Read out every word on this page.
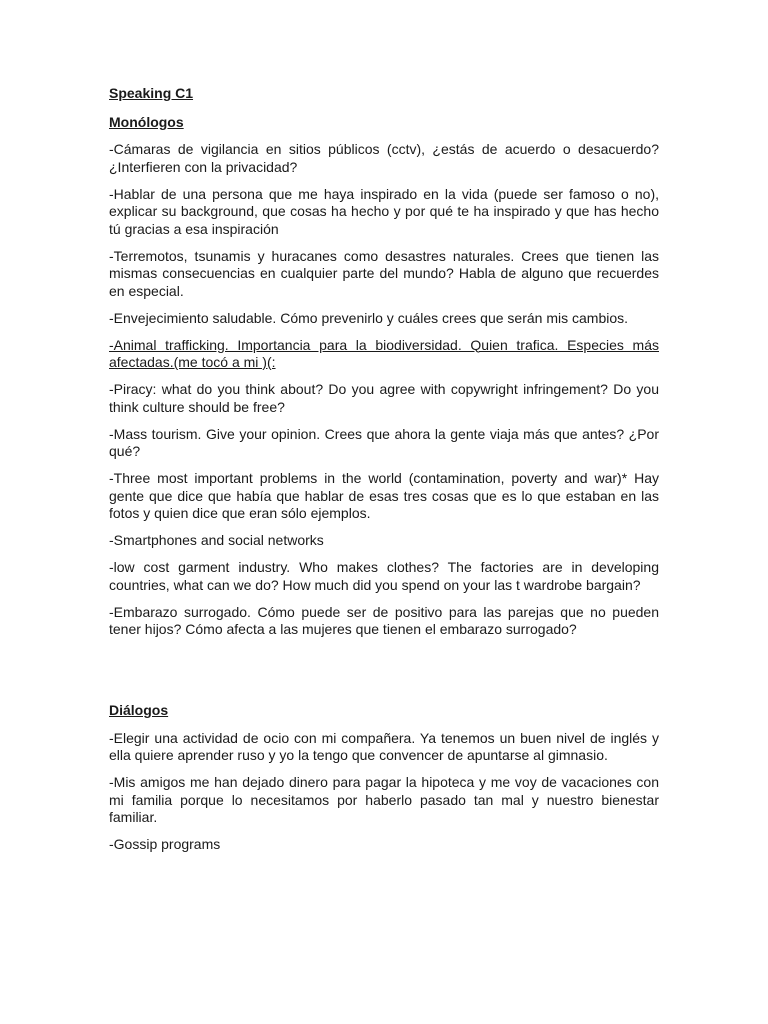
Speaking C1
Monólogos
-Cámaras de vigilancia en sitios públicos (cctv), ¿estás de acuerdo o desacuerdo? ¿Interfieren con la privacidad?
-Hablar de una persona que me haya inspirado en la vida (puede ser famoso o no), explicar su background, que cosas ha hecho y por qué te ha inspirado y que has hecho tú gracias a esa inspiración
-Terremotos, tsunamis y huracanes como desastres naturales. Crees que tienen las mismas consecuencias en cualquier parte del mundo? Habla de alguno que recuerdes en especial.
-Envejecimiento saludable. Cómo prevenirlo y cuáles crees que serán mis cambios.
-Animal trafficking. Importancia para la biodiversidad. Quien trafica. Especies más afectadas.(me tocó a mi )(:
-Piracy: what do you think about? Do you agree with copywright infringement? Do you think culture should be free?
-Mass tourism. Give your opinion. Crees que ahora la gente viaja más que antes? ¿Por qué?
-Three most important problems in the world (contamination, poverty and war)* Hay gente que dice que había que hablar de esas tres cosas que es lo que estaban en las fotos y quien dice que eran sólo ejemplos.
-Smartphones and social networks
-low cost garment industry. Who makes clothes? The factories are in developing countries, what can we do? How much did you spend on your las t wardrobe bargain?
-Embarazo surrogado. Cómo puede ser de positivo para las parejas que no pueden tener hijos? Cómo afecta a las mujeres que tienen el embarazo surrogado?
Diálogos
-Elegir una actividad de ocio con mi compañera. Ya tenemos un buen nivel de inglés y ella quiere aprender ruso y yo la tengo que convencer de apuntarse al gimnasio.
-Mis amigos me han dejado dinero para pagar la hipoteca y me voy de vacaciones con mi familia porque lo necesitamos por haberlo pasado tan mal y nuestro bienestar familiar.
-Gossip programs
